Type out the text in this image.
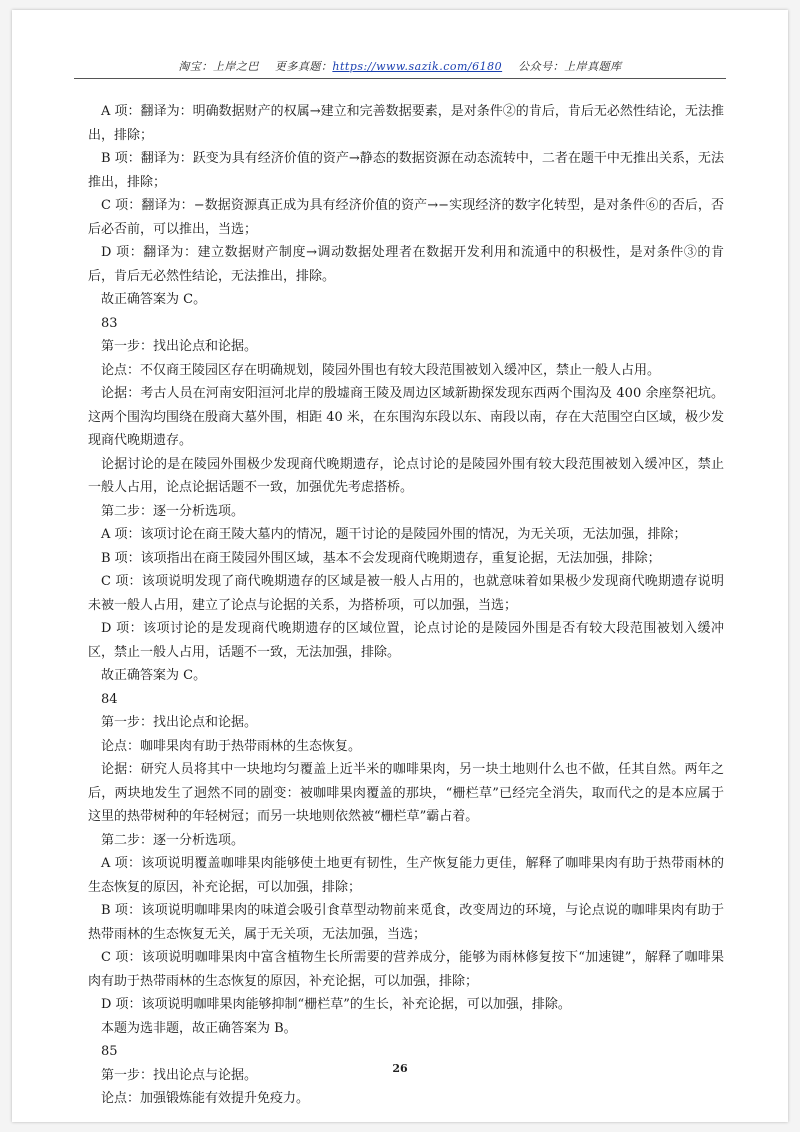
淘宝：上岸之巴 更多真题：https://www.sazik.com/6180 公众号：上岸真题库

A 项：翻译为：明确数据财产的权属→建立和完善数据要素，是对条件②的肯后，肯后无必然性结论，无法推出，排除；

B 项：翻译为：跃变为具有经济价值的资产→静态的数据资源在动态流转中，二者在题干中无推出关系，无法推出，排除；

C 项：翻译为：−数据资源真正成为具有经济价值的资产→−实现经济的数字化转型，是对条件⑥的否后，否后必否前，可以推出，当选；

D 项：翻译为：建立数据财产制度→调动数据处理者在数据开发利用和流通中的积极性，是对条件③的肯后，肯后无必然性结论，无法推出，排除。

故正确答案为 C。

83

第一步：找出论点和论据。

论点：不仅商王陵园区存在明确规划，陵园外围也有较大段范围被划入缓冲区，禁止一般人占用。

论据：考古人员在河南安阳洹河北岸的殷墟商王陵及周边区域新勘探发现东西两个围沟及 400 余座祭祀坑。这两个围沟均围绕在殷商大墓外围，相距 40 米，在东围沟东段以东、南段以南，存在大范围空白区域，极少发现商代晚期遗存。

论据讨论的是在陵园外围极少发现商代晚期遗存，论点讨论的是陵园外围有较大段范围被划入缓冲区，禁止一般人占用，论点论据话题不一致，加强优先考虑搭桥。

第二步：逐一分析选项。

A 项：该项讨论在商王陵大墓内的情况，题干讨论的是陵园外围的情况，为无关项，无法加强，排除；

B 项：该项指出在商王陵园外围区域，基本不会发现商代晚期遗存，重复论据，无法加强，排除；

C 项：该项说明发现了商代晚期遗存的区域是被一般人占用的，也就意味着如果极少发现商代晚期遗存说明未被一般人占用，建立了论点与论据的关系，为搭桥项，可以加强，当选；

D 项：该项讨论的是发现商代晚期遗存的区域位置，论点讨论的是陵园外围是否有较大段范围被划入缓冲区，禁止一般人占用，话题不一致，无法加强，排除。

故正确答案为 C。

84

第一步：找出论点和论据。

论点：咖啡果肉有助于热带雨林的生态恢复。

论据：研究人员将其中一块地均匀覆盖上近半米的咖啡果肉，另一块土地则什么也不做，任其自然。两年之后，两块地发生了迥然不同的剧变：被咖啡果肉覆盖的那块，“栅栏草”已经完全消失，取而代之的是本应属于这里的热带树种的年轻树冠；而另一块地则依然被“栅栏草”霸占着。

第二步：逐一分析选项。

A 项：该项说明覆盖咖啡果肉能够使土地更有韧性，生产恢复能力更佳，解释了咖啡果肉有助于热带雨林的生态恢复的原因，补充论据，可以加强，排除；

B 项：该项说明咖啡果肉的味道会吸引食草型动物前来觅食，改变周边的环境，与论点说的咖啡果肉有助于热带雨林的生态恢复无关，属于无关项，无法加强，当选；

C 项：该项说明咖啡果肉中富含植物生长所需要的营养成分，能够为雨林修复按下“加速键”，解释了咖啡果肉有助于热带雨林的生态恢复的原因，补充论据，可以加强，排除；

D 项：该项说明咖啡果肉能够抑制“栅栏草”的生长，补充论据，可以加强，排除。

本题为选非题，故正确答案为 B。

85

第一步：找出论点与论据。

论点：加强锻炼能有效提升免疫力。

26
